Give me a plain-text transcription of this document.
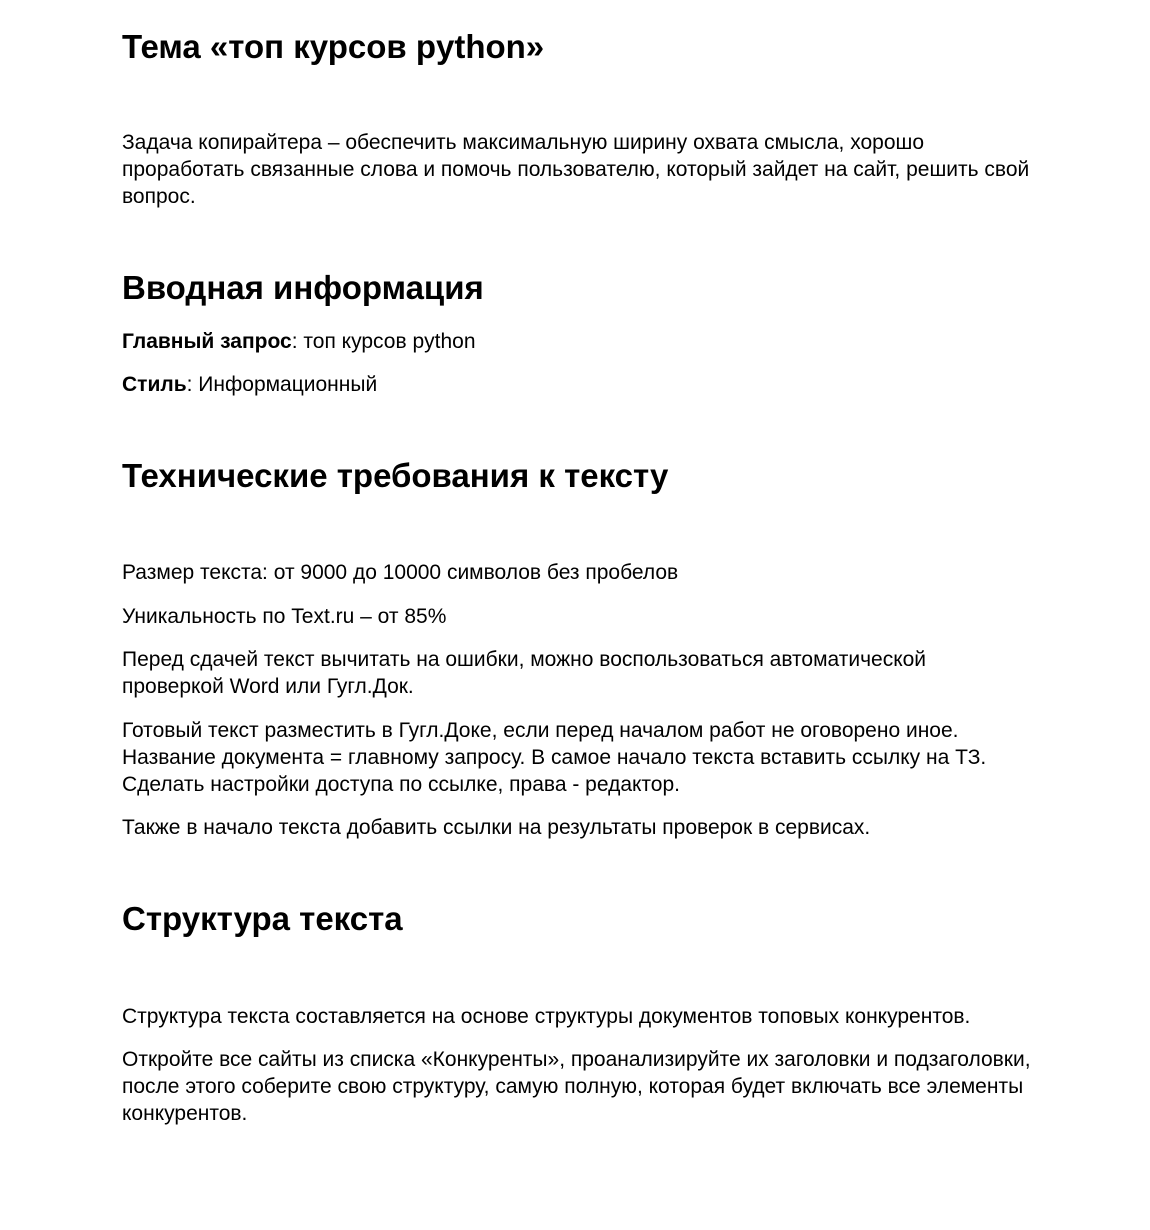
Тема «топ курсов python»

Задача копирайтера – обеспечить максимальную ширину охвата смысла, хорошо проработать связанные слова и помочь пользователю, который зайдет на сайт, решить свой вопрос.

Вводная информация

Главный запрос: топ курсов python

Стиль: Информационный

Технические требования к тексту

Размер текста: от 9000 до 10000 символов без пробелов

Уникальность по Text.ru – от 85%

Перед сдачей текст вычитать на ошибки, можно воспользоваться автоматической проверкой Word или Гугл.Док.

Готовый текст разместить в Гугл.Доке, если перед началом работ не оговорено иное. Название документа = главному запросу. В самое начало текста вставить ссылку на ТЗ. Сделать настройки доступа по ссылке, права - редактор.

Также в начало текста добавить ссылки на результаты проверок в сервисах.

Структура текста

Структура текста составляется на основе структуры документов топовых конкурентов.

Откройте все сайты из списка «Конкуренты», проанализируйте их заголовки и подзаголовки, после этого соберите свою структуру, самую полную, которая будет включать все элементы конкурентов.
